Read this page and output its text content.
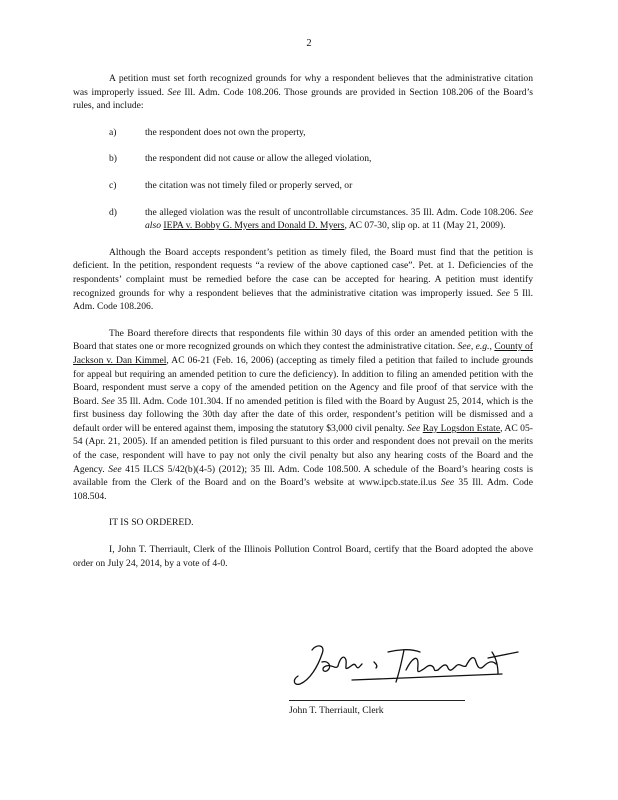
2

A petition must set forth recognized grounds for why a respondent believes that the administrative citation was improperly issued. See Ill. Adm. Code 108.206. Those grounds are provided in Section 108.206 of the Board’s rules, and include:

a)	the respondent does not own the property,
b)	the respondent did not cause or allow the alleged violation,
c)	the citation was not timely filed or properly served, or
d)	the alleged violation was the result of uncontrollable circumstances. 35 Ill. Adm. Code 108.206. See also IEPA v. Bobby G. Myers and Donald D. Myers, AC 07-30, slip op. at 11 (May 21, 2009).

Although the Board accepts respondent’s petition as timely filed, the Board must find that the petition is deficient. In the petition, respondent requests “a review of the above captioned case”. Pet. at 1. Deficiencies of the respondents’ complaint must be remedied before the case can be accepted for hearing. A petition must identify recognized grounds for why a respondent believes that the administrative citation was improperly issued. See 5 Ill. Adm. Code 108.206.

The Board therefore directs that respondents file within 30 days of this order an amended petition with the Board that states one or more recognized grounds on which they contest the administrative citation. See, e.g., County of Jackson v. Dan Kimmel, AC 06-21 (Feb. 16, 2006) (accepting as timely filed a petition that failed to include grounds for appeal but requiring an amended petition to cure the deficiency). In addition to filing an amended petition with the Board, respondent must serve a copy of the amended petition on the Agency and file proof of that service with the Board. See 35 Ill. Adm. Code 101.304. If no amended petition is filed with the Board by August 25, 2014, which is the first business day following the 30th day after the date of this order, respondent’s petition will be dismissed and a default order will be entered against them, imposing the statutory $3,000 civil penalty. See Ray Logsdon Estate, AC 05-54 (Apr. 21, 2005). If an amended petition is filed pursuant to this order and respondent does not prevail on the merits of the case, respondent will have to pay not only the civil penalty but also any hearing costs of the Board and the Agency. See 415 ILCS 5/42(b)(4-5) (2012); 35 Ill. Adm. Code 108.500. A schedule of the Board’s hearing costs is available from the Clerk of the Board and on the Board’s website at www.ipcb.state.il.us See 35 Ill. Adm. Code 108.504.

IT IS SO ORDERED.

I, John T. Therriault, Clerk of the Illinois Pollution Control Board, certify that the Board adopted the above order on July 24, 2014, by a vote of 4-0.

John T. Therriault, Clerk
